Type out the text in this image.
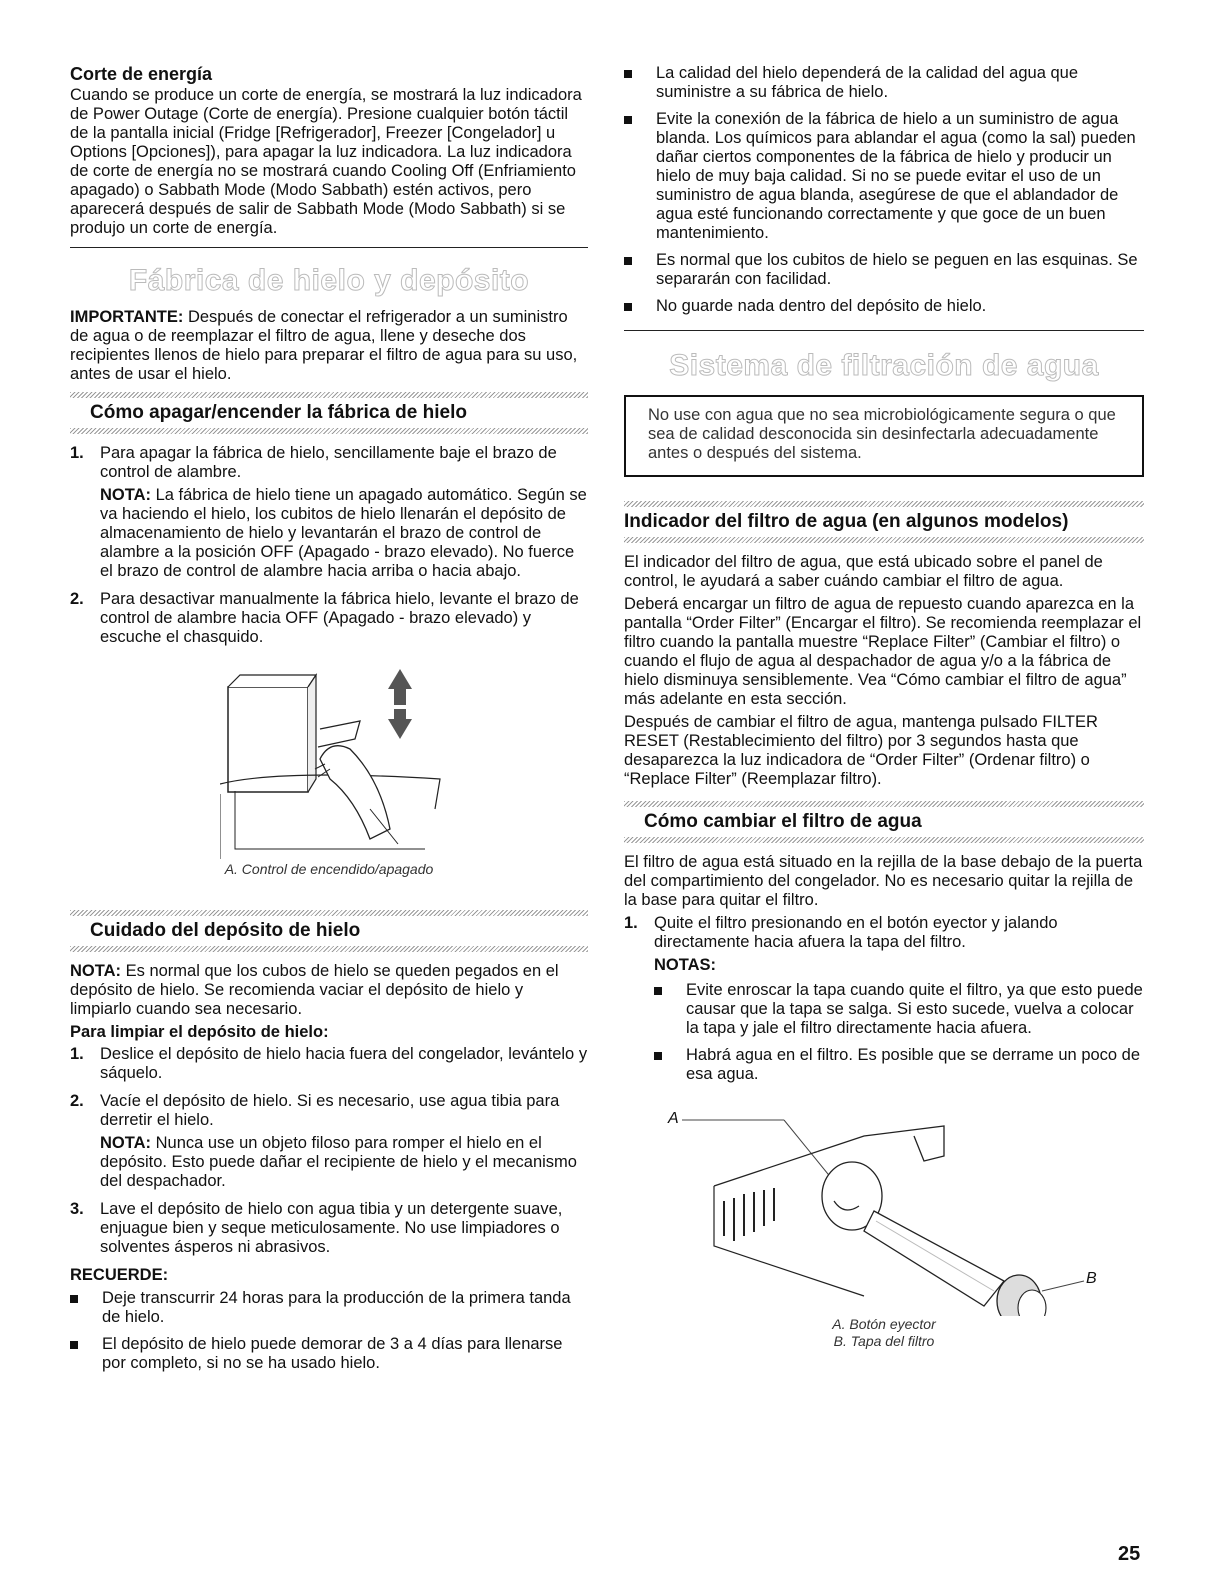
Corte de energía

Cuando se produce un corte de energía, se mostrará la luz indicadora de Power Outage (Corte de energía). Presione cualquier botón táctil de la pantalla inicial (Fridge [Refrigerador], Freezer [Congelador] u Options [Opciones]), para apagar la luz indicadora. La luz indicadora de corte de energía no se mostrará cuando Cooling Off (Enfriamiento apagado) o Sabbath Mode (Modo Sabbath) estén activos, pero aparecerá después de salir de Sabbath Mode (Modo Sabbath) si se produjo un corte de energía.

Fábrica de hielo y depósito

IMPORTANTE: Después de conectar el refrigerador a un suministro de agua o de reemplazar el filtro de agua, llene y deseche dos recipientes llenos de hielo para preparar el filtro de agua para su uso, antes de usar el hielo.

Cómo apagar/encender la fábrica de hielo
1. Para apagar la fábrica de hielo, sencillamente baje el brazo de control de alambre.

NOTA: La fábrica de hielo tiene un apagado automático. Según se va haciendo el hielo, los cubitos de hielo llenarán el depósito de almacenamiento de hielo y levantarán el brazo de control de alambre a la posición OFF (Apagado - brazo elevado). No fuerce el brazo de control de alambre hacia arriba o hacia abajo.

2. Para desactivar manualmente la fábrica hielo, levante el brazo de control de alambre hacia OFF (Apagado - brazo elevado) y escuche el chasquido.

A. Control de encendido/apagado
Cuidado del depósito de hielo

NOTA: Es normal que los cubos de hielo se queden pegados en el depósito de hielo. Se recomienda vaciar el depósito de hielo y limpiarlo cuando sea necesario.

Para limpiar el depósito de hielo:
1. Deslice el depósito de hielo hacia fuera del congelador, levántelo y sáquelo.

2. Vacíe el depósito de hielo. Si es necesario, use agua tibia para derretir el hielo.

NOTA: Nunca use un objeto filoso para romper el hielo en el depósito. Esto puede dañar el recipiente de hielo y el mecanismo del despachador.

3. Lave el depósito de hielo con agua tibia y un detergente suave, enjuague bien y seque meticulosamente. No use limpiadores o solventes ásperos ni abrasivos.

RECUERDE:
Deje transcurrir 24 horas para la producción de la primera tanda de hielo.
El depósito de hielo puede demorar de 3 a 4 días para llenarse por completo, si no se ha usado hielo.
La calidad del hielo dependerá de la calidad del agua que suministre a su fábrica de hielo.
Evite la conexión de la fábrica de hielo a un suministro de agua blanda. Los químicos para ablandar el agua (como la sal) pueden dañar ciertos componentes de la fábrica de hielo y producir un hielo de muy baja calidad. Si no se puede evitar el uso de un suministro de agua blanda, asegúrese de que el ablandador de agua esté funcionando correctamente y que goce de un buen mantenimiento.
Es normal que los cubitos de hielo se peguen en las esquinas. Se separarán con facilidad.
No guarde nada dentro del depósito de hielo.
Sistema de filtración de agua
No use con agua que no sea microbiológicamente segura o que sea de calidad desconocida sin desinfectarla adecuadamente antes o después del sistema.
Indicador del filtro de agua (en algunos modelos)

El indicador del filtro de agua, que está ubicado sobre el panel de control, le ayudará a saber cuándo cambiar el filtro de agua.

Deberá encargar un filtro de agua de repuesto cuando aparezca en la pantalla “Order Filter” (Encargar el filtro). Se recomienda reemplazar el filtro cuando la pantalla muestre “Replace Filter” (Cambiar el filtro) o cuando el flujo de agua al despachador de agua y/o a la fábrica de hielo disminuya sensiblemente. Vea “Cómo cambiar el filtro de agua” más adelante en esta sección.

Después de cambiar el filtro de agua, mantenga pulsado FILTER RESET (Restablecimiento del filtro) por 3 segundos hasta que desaparezca la luz indicadora de “Order Filter” (Ordenar filtro) o “Replace Filter” (Reemplazar filtro).

Cómo cambiar el filtro de agua

El filtro de agua está situado en la rejilla de la base debajo de la puerta del compartimiento del congelador. No es necesario quitar la rejilla de la base para quitar el filtro.

1. Quite el filtro presionando en el botón eyector y jalando directamente hacia afuera la tapa del filtro.

NOTAS:
Evite enroscar la tapa cuando quite el filtro, ya que esto puede causar que la tapa se salga. Si esto sucede, vuelva a colocar la tapa y jale el filtro directamente hacia afuera.
Habrá agua en el filtro. Es posible que se derrame un poco de esa agua.
A
B
A. Botón eyector
B. Tapa del filtro
25
